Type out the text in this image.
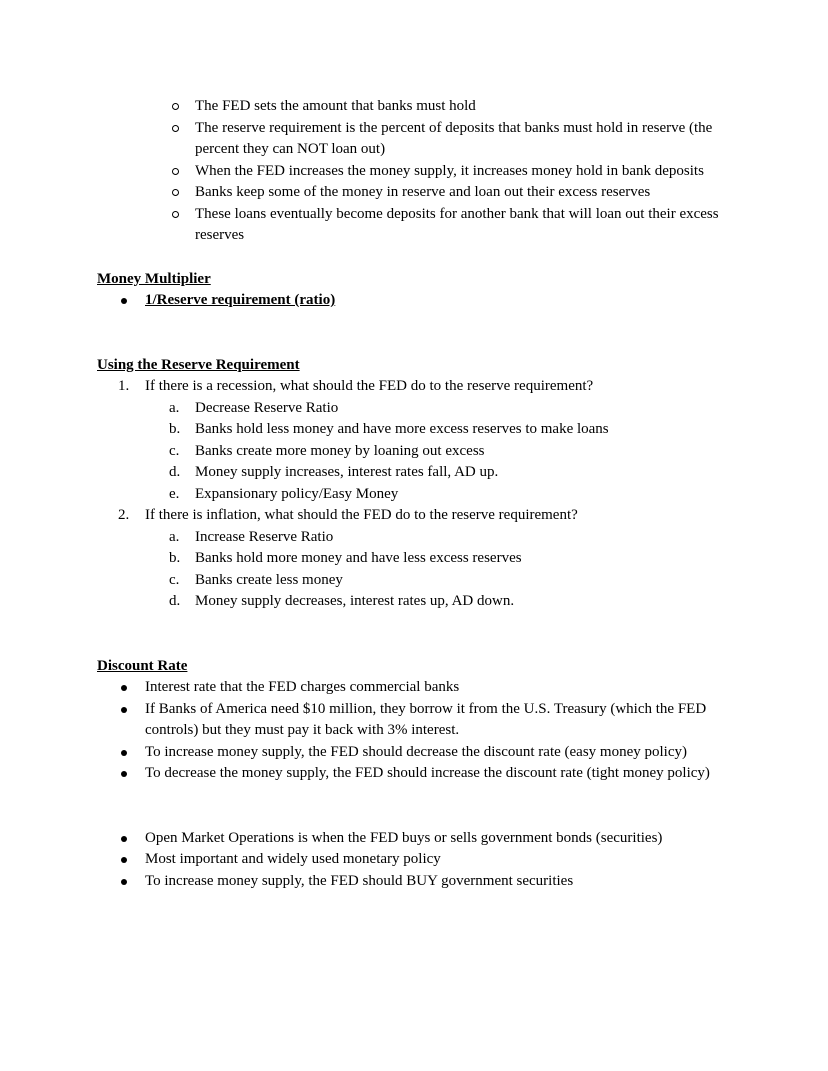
The FED sets the amount that banks must hold
The reserve requirement is the percent of deposits that banks must hold in reserve (the percent they can NOT loan out)
When the FED increases the money supply, it increases money hold in bank deposits
Banks keep some of the money in reserve and loan out their excess reserves
These loans eventually become deposits for another bank that will loan out their excess reserves
Money Multiplier
1/Reserve requirement (ratio)
Using the Reserve Requirement
1.	If there is a recession, what should the FED do to the reserve requirement?
a.	Decrease Reserve Ratio
b. Banks hold less money and have more excess reserves to make loans
c.	Banks create more money by loaning out excess
d. Money supply increases, interest rates fall, AD up.
e.	Expansionary policy/Easy Money
2.	If there is inflation, what should the FED do to the reserve requirement?
a.	Increase Reserve Ratio
b. Banks hold more money and have less excess reserves
c.	Banks create less money
d. Money supply decreases, interest rates up, AD down.
Discount Rate
Interest rate that the FED charges commercial banks
If Banks of America need $10 million, they borrow it from the U.S. Treasury (which the FED controls) but they must pay it back with 3% interest.
To increase money supply, the FED should decrease the discount rate (easy money policy)
To decrease the money supply, the FED should increase the discount rate (tight money policy)
Open Market Operations is when the FED buys or sells government bonds (securities)
Most important and widely used monetary policy
To increase money supply, the FED should BUY government securities
